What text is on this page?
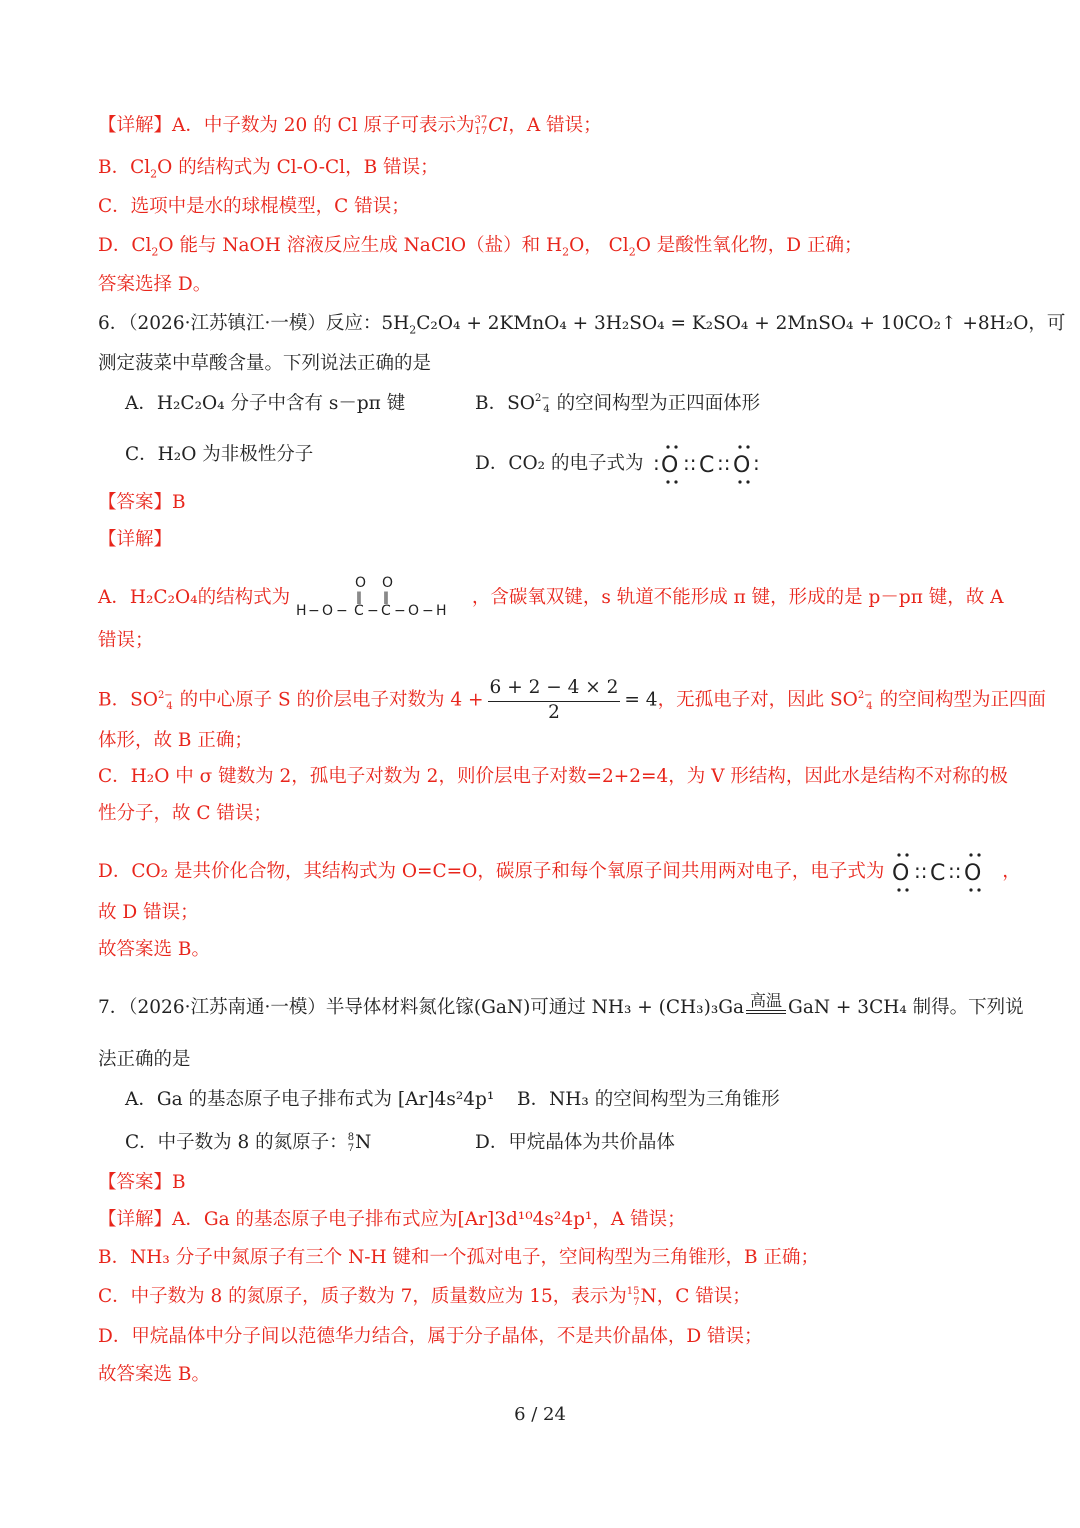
【详解】A．中子数为 20 的 Cl 原子可表示为 37
17 Cl，A 错误；
B．$Cl_2O$ 的结构式为 Cl-O-Cl，B 错误；
C．选项中是水的球棍模型，C 错误；
D．$Cl_2O$ 能与 NaOH 溶液反应生成 NaClO（盐）和 $H_2O$， $Cl_2O$ 是酸性氧化物，D 正确；
答案选择 D。
6．（2026·江苏镇江·一模）反应：$5H_2C_2O_4$ + 2KMnO₄ + 3H₂SO₄ = K₂SO₄ + 2MnSO₄ + 10CO₂↑ +8H₂O，可
测定菠菜中草酸含量。下列说法正确的是
A．H₂C₂O₄ 分子中含有 s－pπ 键	B．SO 2−
4 的空间构型为正四面体形
C．H₂O 为非极性分子	D．CO₂ 的电子式为 : O :: C :: O :
【答案】B
【详解】
A．H₂C₂O₄的结构式为
O O
‖ ‖
H − O − C − C − O − H
，含碳氧双键，s 轨道不能形成 π 键，形成的是 p－pπ 键，故 A
错误；
B．SO 2−
4 的中心原子 S 的价层电子对数为 $4 + \frac{6 + 2 - 4 \times 2}{2} = 4$，无孤电子对，因此 SO 2−
4 的空间构型为正四面
体形，故 B 正确；
C．H₂O 中 σ 键数为 2，孤电子对数为 2，则价层电子对数=2+2=4，为 V 形结构，因此水是结构不对称的极
性分子，故 C 错误；
D．CO₂ 是共价化合物，其结构式为 O=C=O，碳原子和每个氧原子间共用两对电子，电子式为 O :: C :: O ，
故 D 错误；
故答案选 B。
7．（2026·江苏南通·一模）半导体材料氮化镓(GaN)可通过 NH₃ + (CH₃)₃Ga 高温 GaN + 3CH₄ 制得。下列说
法正确的是
A．Ga 的基态原子电子排布式为 [Ar]4s²4p¹ B．NH₃ 的空间构型为三角锥形
C．中子数为 8 的氮原子： 8
7 N	D．甲烷晶体为共价晶体
【答案】B
【详解】A．Ga 的基态原子电子排布式应为[Ar]3d¹⁰4s²4p¹，A 错误；
B．NH₃ 分子中氮原子有三个 N-H 键和一个孤对电子，空间构型为三角锥形，B 正确；
C．中子数为 8 的氮原子，质子数为 7，质量数应为 15，表示为 15
7 N，C 错误；
D．甲烷晶体中分子间以范德华力结合，属于分子晶体，不是共价晶体，D 错误；
故答案选 B。
6 / 24
